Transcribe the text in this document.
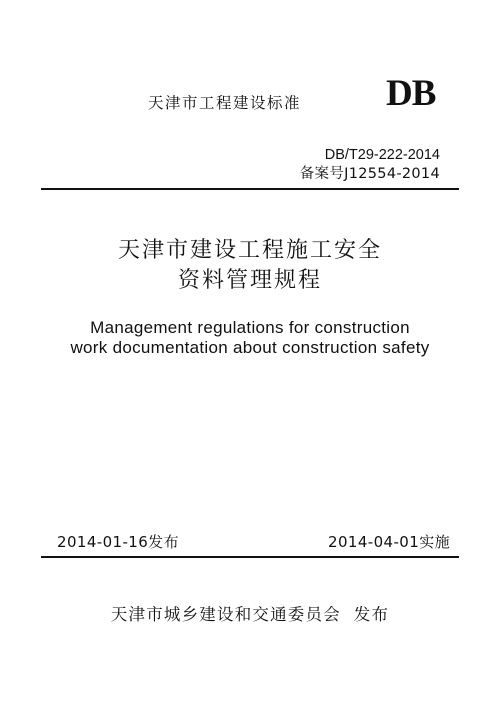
天津市工程建设标准 DB
DB/T29-222-2014
备案号J12554-2014
天津市建设工程施工安全
资料管理规程
Management regulations for construction
work documentation about construction safety
2014-01-16发布	2014-04-01实施
天津市城乡建设和交通委员会  发布
